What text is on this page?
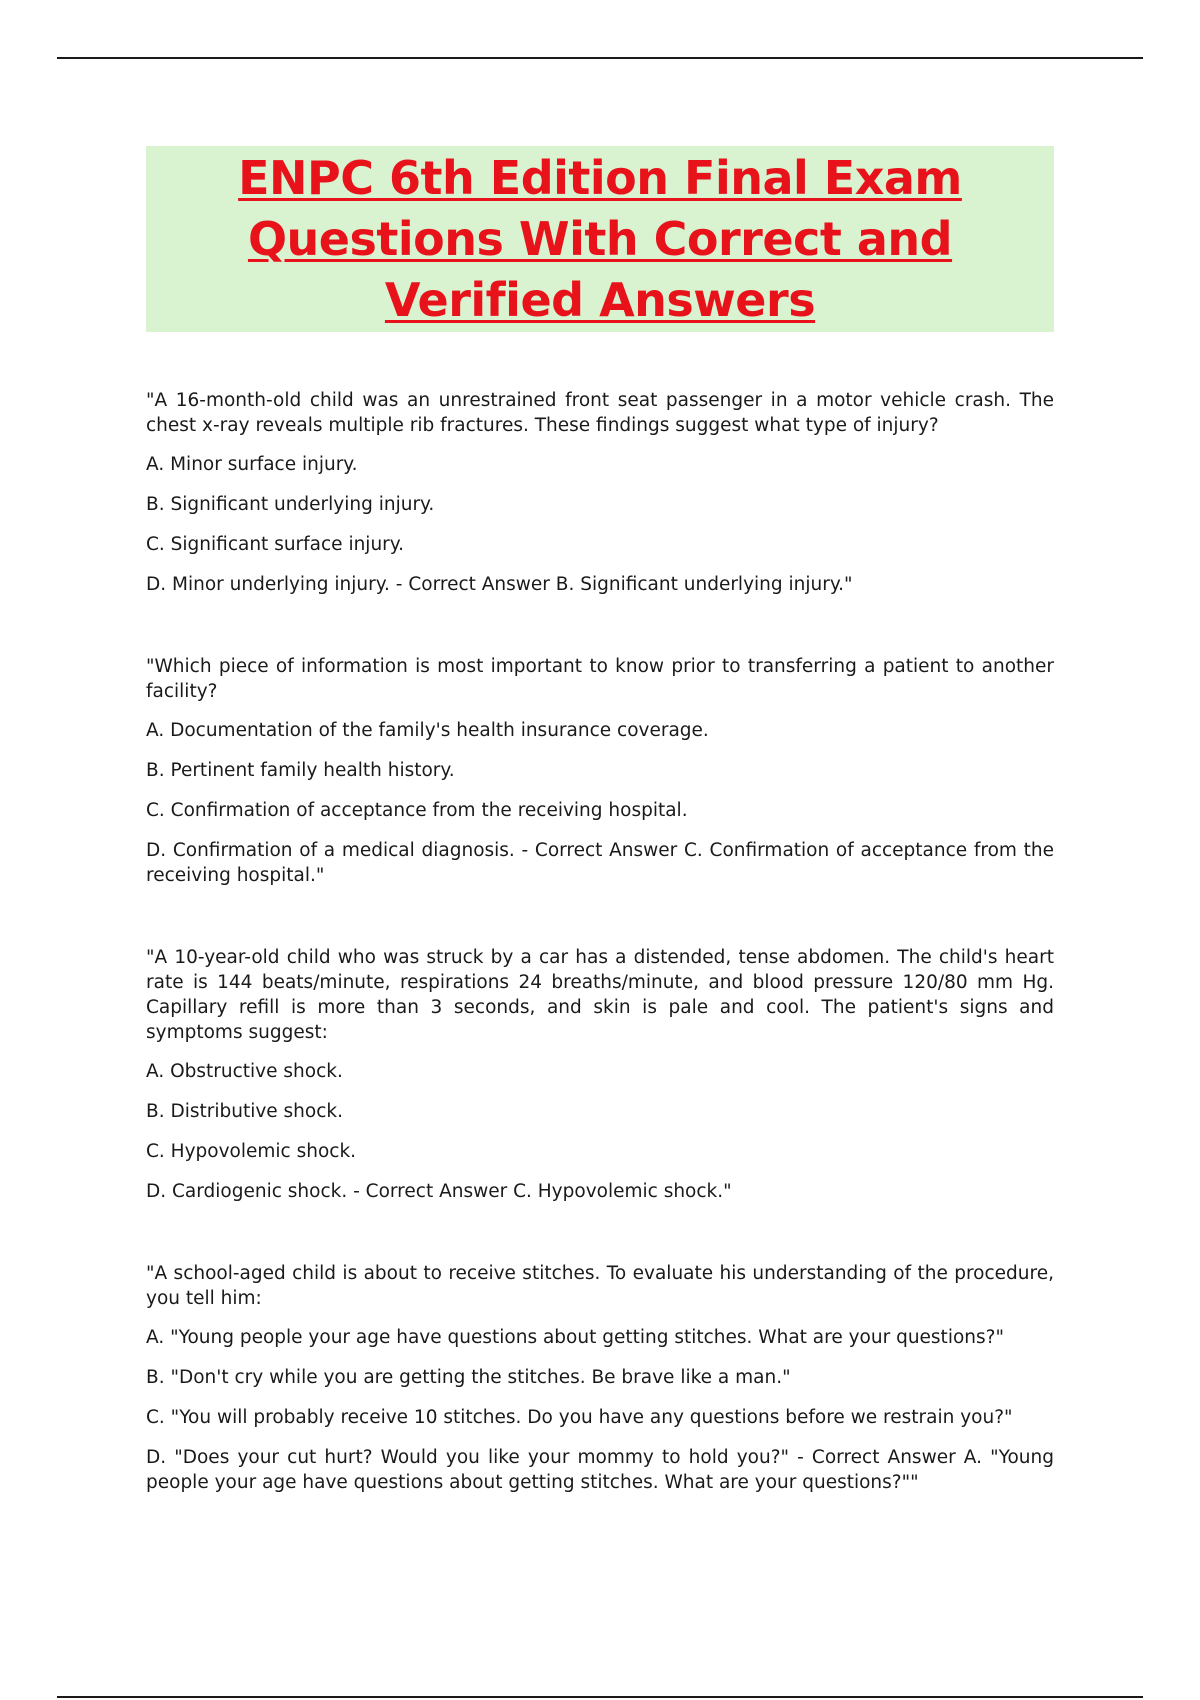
ENPC 6th Edition Final Exam Questions With Correct and Verified Answers

"A 16-month-old child was an unrestrained front seat passenger in a motor vehicle crash. The chest x-ray reveals multiple rib fractures. These findings suggest what type of injury?

A. Minor surface injury.

B. Significant underlying injury.

C. Significant surface injury.

D. Minor underlying injury. - Correct Answer B. Significant underlying injury."

"Which piece of information is most important to know prior to transferring a patient to another facility?

A. Documentation of the family's health insurance coverage.

B. Pertinent family health history.

C. Confirmation of acceptance from the receiving hospital.

D. Confirmation of a medical diagnosis. - Correct Answer C. Confirmation of acceptance from the receiving hospital."

"A 10-year-old child who was struck by a car has a distended, tense abdomen. The child's heart rate is 144 beats/minute, respirations 24 breaths/minute, and blood pressure 120/80 mm Hg. Capillary refill is more than 3 seconds, and skin is pale and cool. The patient's signs and symptoms suggest:

A. Obstructive shock.

B. Distributive shock.

C. Hypovolemic shock.

D. Cardiogenic shock. - Correct Answer C. Hypovolemic shock."

"A school-aged child is about to receive stitches. To evaluate his understanding of the procedure, you tell him:

A. "Young people your age have questions about getting stitches. What are your questions?"

B. "Don't cry while you are getting the stitches. Be brave like a man."

C. "You will probably receive 10 stitches. Do you have any questions before we restrain you?"

D. "Does your cut hurt? Would you like your mommy to hold you?" - Correct Answer A. "Young people your age have questions about getting stitches. What are your questions?""
